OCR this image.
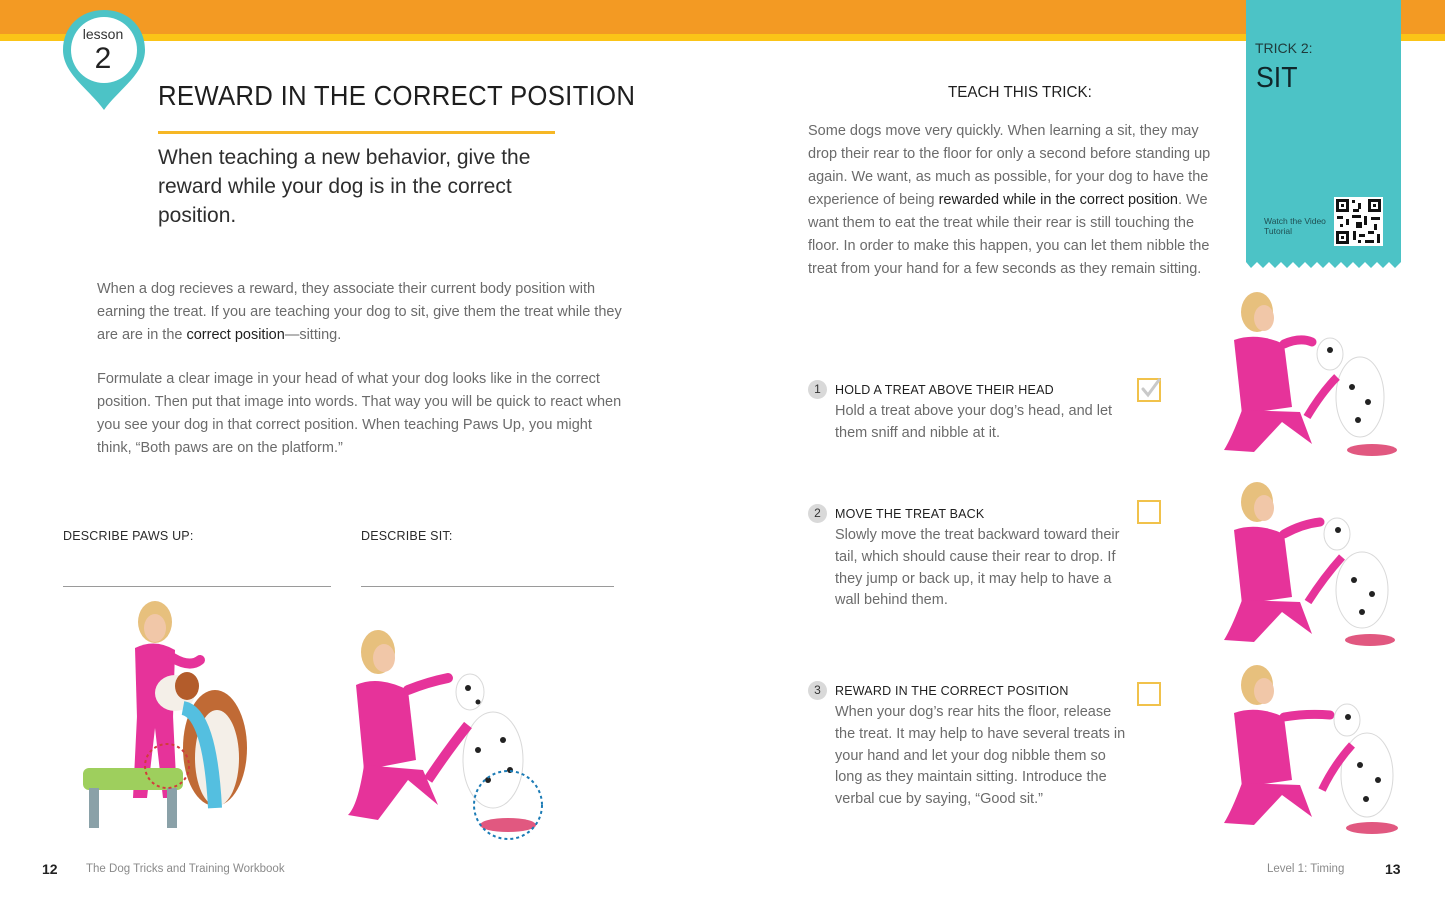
lesson
2
REWARD IN THE CORRECT POSITION
When teaching a new behavior, give the reward while your dog is in the correct position.
When a dog recieves a reward, they associate their current body position with earning the treat. If you are teaching your dog to sit, give them the treat while they are are in the correct position—sitting.
Formulate a clear image in your head of what your dog looks like in the correct position. Then put that image into words. That way you will be quick to react when you see your dog in that correct position. When teaching Paws Up, you might think, “Both paws are on the platform.”
DESCRIBE PAWS UP:	DESCRIBE SIT:
12 The Dog Tricks and Training Workbook
TEACH THIS TRICK:
Some dogs move very quickly. When learning a sit, they may drop their rear to the floor for only a second before standing up again. We want, as much as possible, for your dog to have the experience of being rewarded while in the correct position. We want them to eat the treat while their rear is still touching the floor. In order to make this happen, you can let them nibble the treat from your hand for a few seconds as they remain sitting.
TRICK 2:
SIT
Watch the Video Tutorial
1	HOLD A TREAT ABOVE THEIR HEAD
Hold a treat above your dog’s head, and let them sniff and nibble at it.
2	MOVE THE TREAT BACK
Slowly move the treat backward toward their tail, which should cause their rear to drop. If they jump or back up, it may help to have a wall behind them.
3	REWARD IN THE CORRECT POSITION
When your dog’s rear hits the floor, release the treat. It may help to have several treats in your hand and let your dog nibble them so long as they maintain sitting. Introduce the verbal cue by saying, “Good sit.”
Level 1: Timing	13
